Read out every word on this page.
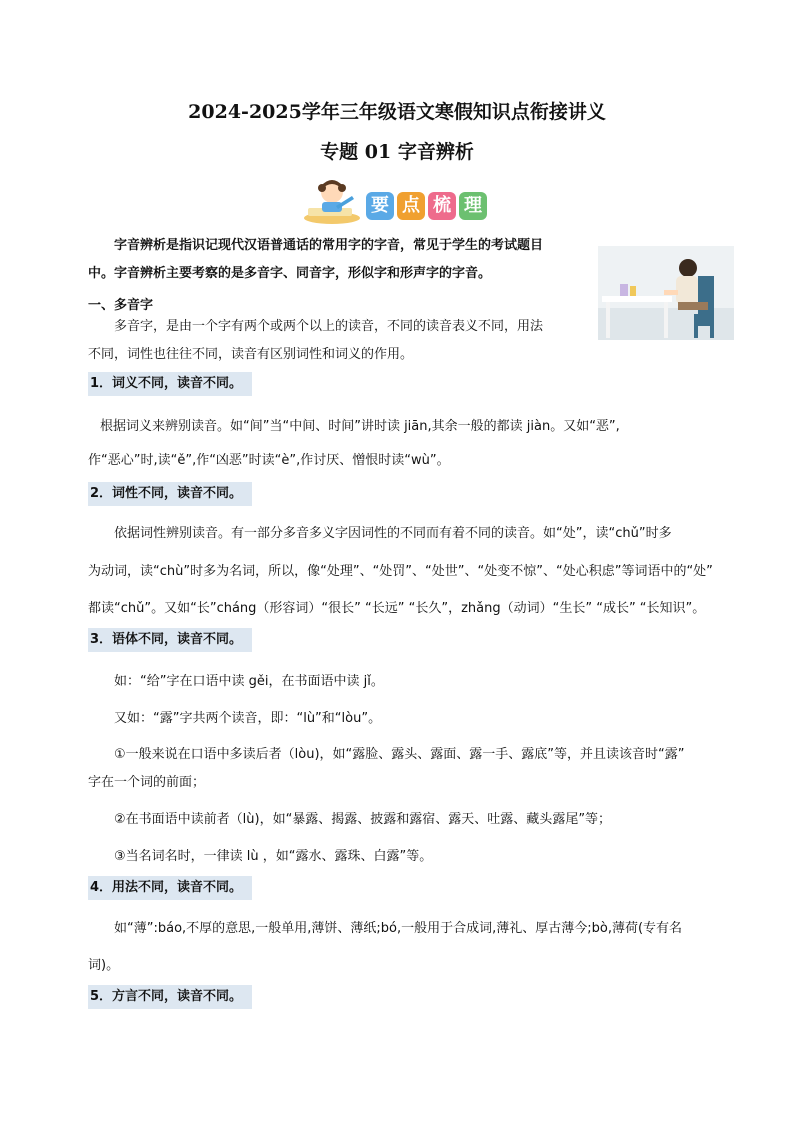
2024-2025学年三年级语文寒假知识点衔接讲义
专题 01 字音辨析
要 点 梳 理

字音辨析是指识记现代汉语普通话的常用字的字音，常见于学生的考试题目

中。字音辨析主要考察的是多音字、同音字，形似字和形声字的字音。

一、多音字

多音字，是由一个字有两个或两个以上的读音，不同的读音表义不同，用法

不同，词性也往往不同，读音有区别词性和词义的作用。

1．词义不同，读音不同。
根据词义来辨别读音。如“间”当“中间、时间”讲时读 jiān,其余一般的都读 jiàn。又如“恶”,
作“恶心”时,读“ě”,作“凶恶”时读“è”,作讨厌、憎恨时读“wù”。
2．词性不同，读音不同。
依据词性辨别读音。有一部分多音多义字因词性的不同而有着不同的读音。如“处”，读“chǔ”时多
为动词，读“chù”时多为名词，所以，像“处理”、“处罚”、“处世”、“处变不惊”、“处心积虑”等词语中的“处”
都读“chǔ”。又如“长”cháng（形容词）“很长” “长远” “长久”，zhǎng（动词）“生长” “成长” “长知识”。
3．语体不同，读音不同。
如：“给”字在口语中读 gěi，在书面语中读 jǐ。
又如：“露”字共两个读音，即：“lù”和“lòu”。
①一般来说在口语中多读后者（lòu)，如“露脸、露头、露面、露一手、露底”等，并且读该音时“露”
字在一个词的前面；
②在书面语中读前者（lù)，如“暴露、揭露、披露和露宿、露天、吐露、藏头露尾”等；
③当名词名时，一律读 lù ，如“露水、露珠、白露”等。
4．用法不同，读音不同。
如“薄”:báo,不厚的意思,一般单用,薄饼、薄纸;bó,一般用于合成词,薄礼、厚古薄今;bò,薄荷(专有名
词)。
5．方言不同，读音不同。
